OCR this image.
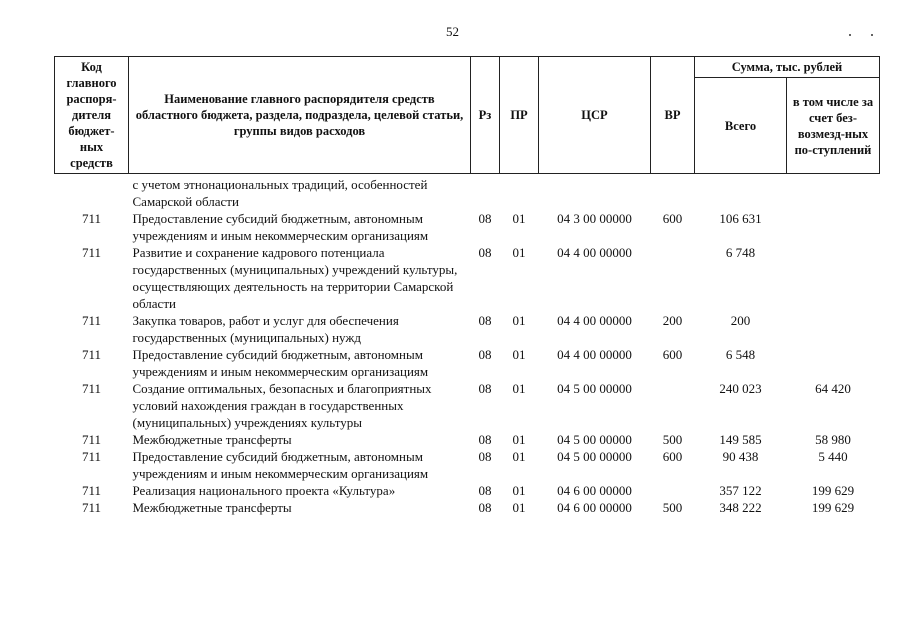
52
Код главного распоря-дителя бюджет-ных средств	Наименование главного распорядителя средств областного бюджета, раздела, подраздела, целевой статьи, группы видов расходов	Рз	ПР	ЦСР	ВР	Сумма, тыс. рублей	
						Всего	в том числе за счет без-возмезд-ных по-ступлений
	с учетом этнонациональных традиций, особенностей Самарской области						
711	Предоставление субсидий бюджетным, автономным учреждениям и иным некоммерческим организациям	08	01	04 3 00 00000	600	106 631	
711	Развитие и сохранение кадрового потенциала государственных (муниципальных) учреждений культуры, осуществляющих деятельность на территории Самарской области	08	01	04 4 00 00000		6 748	
711	Закупка товаров, работ и услуг для обеспечения государственных (муниципальных) нужд	08	01	04 4 00 00000	200	200	
711	Предоставление субсидий бюджетным, автономным учреждениям и иным некоммерческим организациям	08	01	04 4 00 00000	600	6 548	
711	Создание оптимальных, безопасных и благоприятных условий нахождения граждан в государственных (муниципальных) учреждениях культуры	08	01	04 5 00 00000		240 023	64 420
711	Межбюджетные трансферты	08	01	04 5 00 00000	500	149 585	58 980
711	Предоставление субсидий бюджетным, автономным учреждениям и иным некоммерческим организациям	08	01	04 5 00 00000	600	90 438	5 440
711	Реализация национального проекта «Культура»	08	01	04 6 00 00000		357 122	199 629
711	Межбюджетные трансферты	08	01	04 6 00 00000	500	348 222	199 629
